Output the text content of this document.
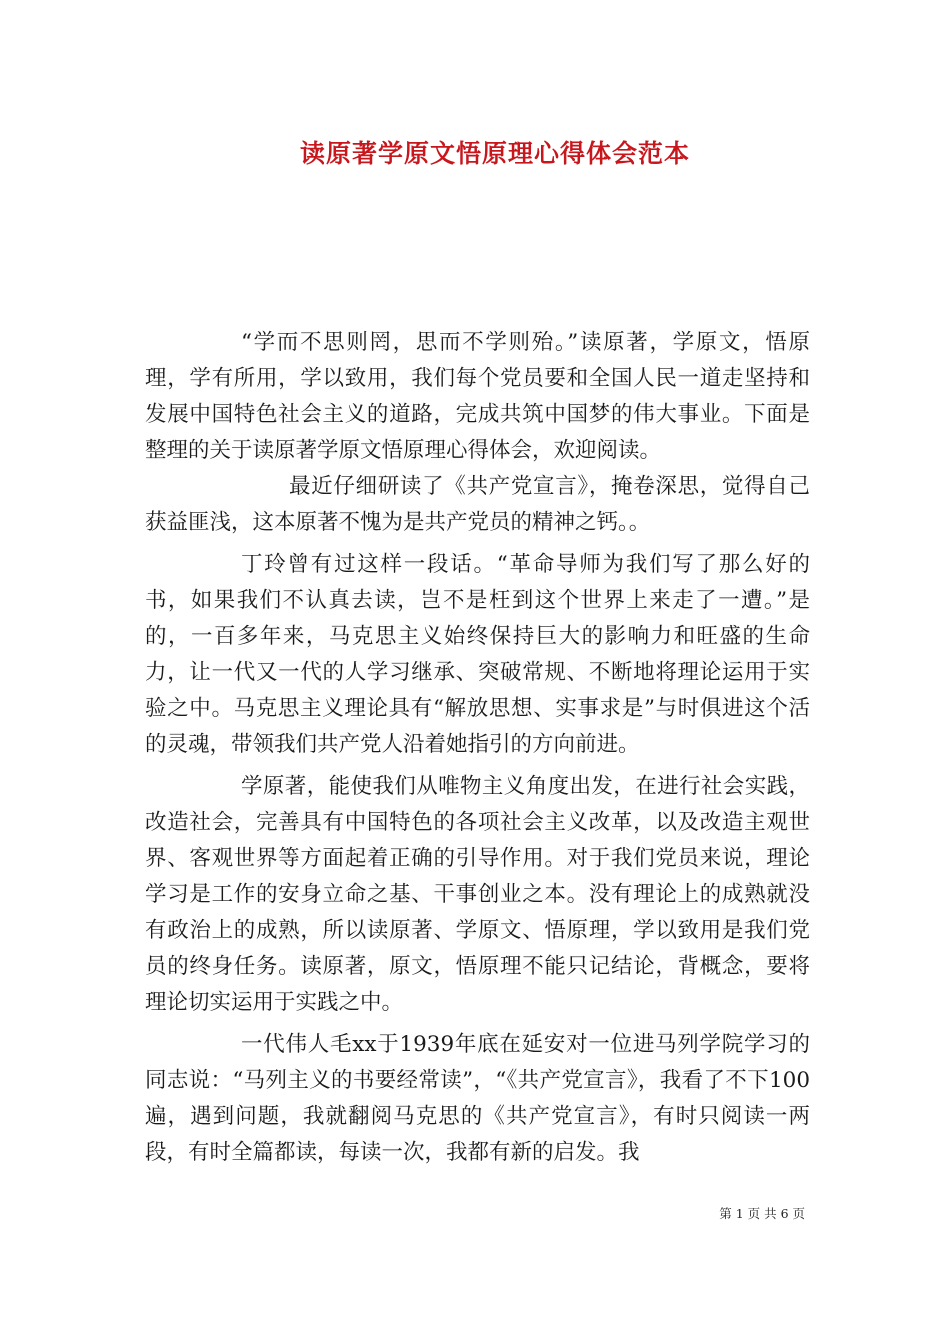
读原著学原文悟原理心得体会范本

“学而不思则罔，思而不学则殆。”读原著，学原文，悟原理，学有所用，学以致用，我们每个党员要和全国人民一道走坚持和发展中国特色社会主义的道路，完成共筑中国梦的伟大事业。下面是整理的关于读原著学原文悟原理心得体会，欢迎阅读。

最近仔细研读了《共产党宣言》，掩卷深思，觉得自己获益匪浅，这本原著不愧为是共产党员的精神之钙。。

丁玲曾有过这样一段话。“革命导师为我们写了那么好的书，如果我们不认真去读，岂不是枉到这个世界上来走了一遭。”是的，一百多年来，马克思主义始终保持巨大的影响力和旺盛的生命力，让一代又一代的人学习继承、突破常规、不断地将理论运用于实验之中。马克思主义理论具有“解放思想、实事求是”与时俱进这个活的灵魂，带领我们共产党人沿着她指引的方向前进。

学原著，能使我们从唯物主义角度出发，在进行社会实践，改造社会，完善具有中国特色的各项社会主义改革，以及改造主观世界、客观世界等方面起着正确的引导作用。对于我们党员来说，理论学习是工作的安身立命之基、干事创业之本。没有理论上的成熟就没有政治上的成熟，所以读原著、学原文、悟原理，学以致用是我们党员的终身任务。读原著，原文，悟原理不能只记结论，背概念，要将理论切实运用于实践之中。

一代伟人毛xx于1939年底在延安对一位进马列学院学习的同志说：“马列主义的书要经常读”，“《共产党宣言》，我看了不下100遍，遇到问题，我就翻阅马克思的《共产党宣言》，有时只阅读一两段，有时全篇都读，每读一次，我都有新的启发。我

第 1 页 共 6 页
